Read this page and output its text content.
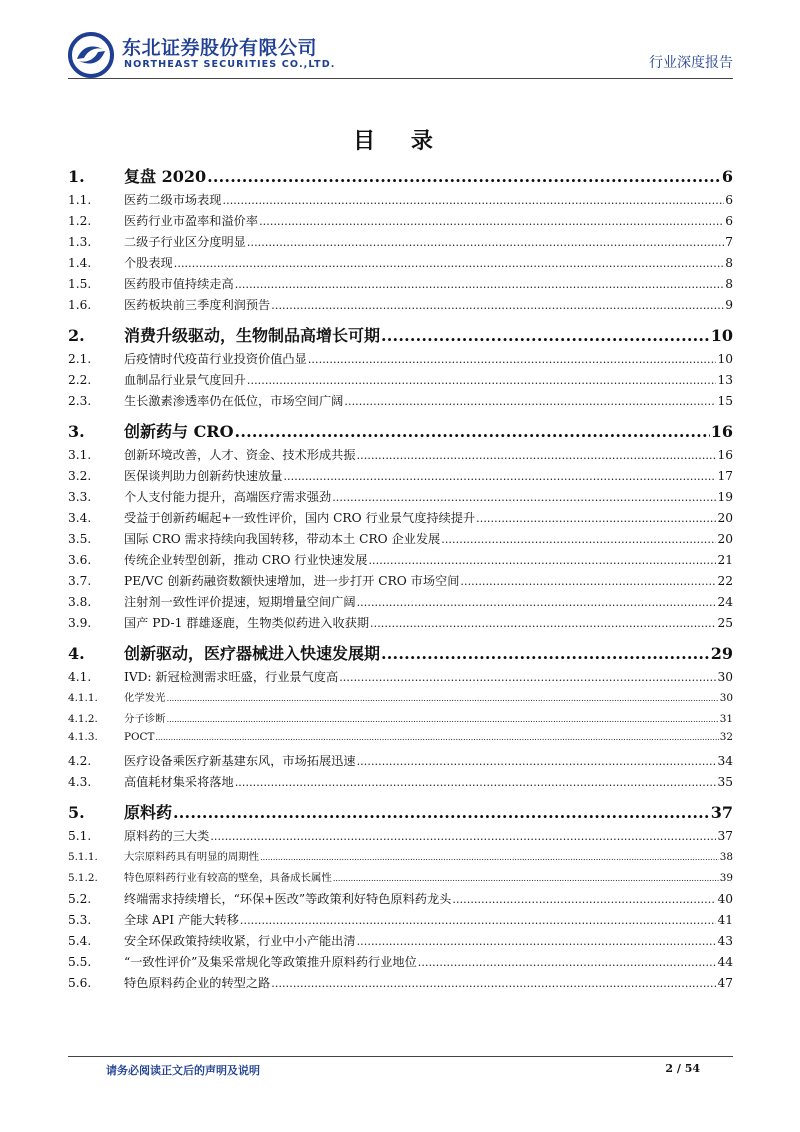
东北证券股份有限公司
NORTHEAST SECURITIES CO.,LTD.	行业深度报告
目 录
1.	复盘 2020 .....	6
1.1.	医药二级市场表现 .....	6
1.2.	医药行业市盈率和溢价率 .....	6
1.3.	二级子行业区分度明显 .....	7
1.4.	个股表现 .....	8
1.5.	医药股市值持续走高 .....	8
1.6.	医药板块前三季度利润预告 .....	9
2.	消费升级驱动，生物制品高增长可期 .....	10
2.1.	后疫情时代疫苗行业投资价值凸显 .....	10
2.2.	血制品行业景气度回升 .....	13
2.3.	生长激素渗透率仍在低位，市场空间广阔 .....	15
3.	创新药与 CRO .....	16
3.1.	创新环境改善，人才、资金、技术形成共振 .....	16
3.2.	医保谈判助力创新药快速放量 .....	17
3.3.	个人支付能力提升，高端医疗需求强劲 .....	19
3.4.	受益于创新药崛起+一致性评价，国内 CRO 行业景气度持续提升 .....	20
3.5.	国际 CRO 需求持续向我国转移，带动本土 CRO 企业发展 .....	20
3.6.	传统企业转型创新，推动 CRO 行业快速发展 .....	21
3.7.	PE/VC 创新药融资数额快速增加，进一步打开 CRO 市场空间 .....	22
3.8.	注射剂一致性评价提速，短期增量空间广阔 .....	24
3.9.	国产 PD-1 群雄逐鹿，生物类似药进入收获期 .....	25
4.	创新驱动，医疗器械进入快速发展期 .....	29
4.1.	IVD: 新冠检测需求旺盛，行业景气度高 .....	30
4.1.1.	化学发光 .....	30
4.1.2.	分子诊断 .....	31
4.1.3.	POCT .....	32
4.2.	医疗设备乘医疗新基建东风，市场拓展迅速 .....	34
4.3.	高值耗材集采将落地 .....	35
5.	原料药 .....	37
5.1.	原料药的三大类 .....	37
5.1.1.	大宗原料药具有明显的周期性 .....	38
5.1.2.	特色原料药行业有较高的壁垒，具备成长属性 .....	39
5.2.	终端需求持续增长，“环保+医改”等政策利好特色原料药龙头 .....	40
5.3.	全球 API 产能大转移 .....	41
5.4.	安全环保政策持续收紧，行业中小产能出清 .....	43
5.5.	“一致性评价”及集采常规化等政策推升原料药行业地位 .....	44
5.6.	特色原料药企业的转型之路 .....	47
请务必阅读正文后的声明及说明	2 / 54
